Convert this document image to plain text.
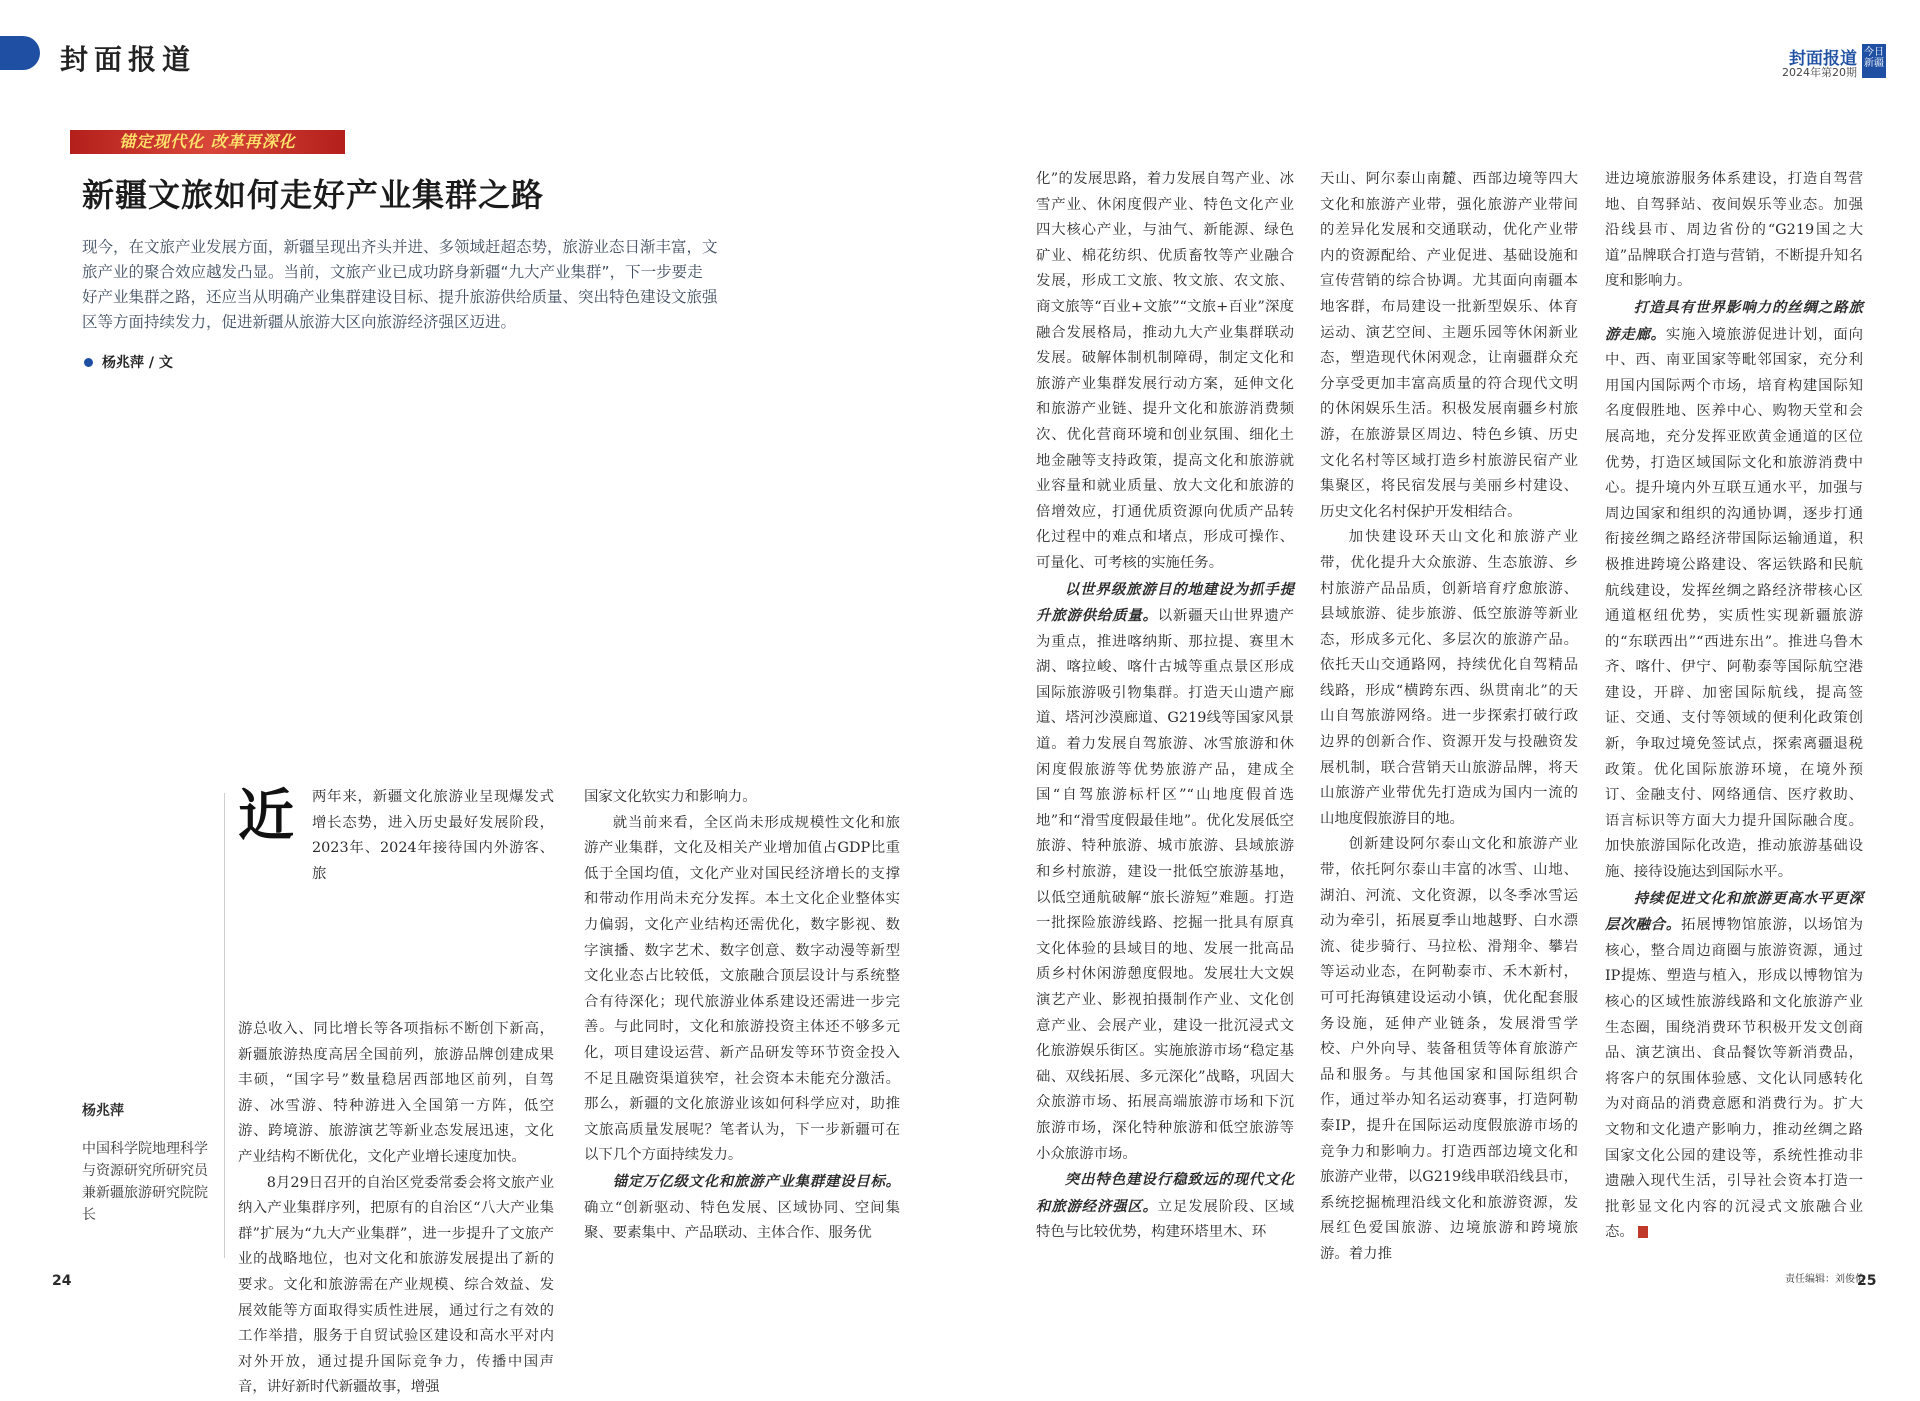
封面报道	封面报道
2024年第20期
今日新疆
锚定现代化 改革再深化
新疆文旅如何走好产业集群之路
现今，在文旅产业发展方面，新疆呈现出齐头并进、多领域赶超态势，旅游业态日渐丰富，文旅产业的聚合效应越发凸显。当前，文旅产业已成功跻身新疆“九大产业集群”，下一步要走好产业集群之路，还应当从明确产业集群建设目标、提升旅游供给质量、突出特色建设文旅强区等方面持续发力，促进新疆从旅游大区向旅游经济强区迈进。
杨兆萍 / 文
杨兆萍
中国科学院地理科学与资源研究所研究员兼新疆旅游研究院院长
近 两年来，新疆文化旅游业呈现爆发式增长态势，进入历史最好发展阶段，2023年、2024年接待国内外游客、旅

游总收入、同比增长等各项指标不断创下新高，新疆旅游热度高居全国前列，旅游品牌创建成果丰硕，“国字号”数量稳居西部地区前列，自驾游、冰雪游、特种游进入全国第一方阵，低空游、跨境游、旅游演艺等新业态发展迅速，文化产业结构不断优化，文化产业增长速度加快。

8月29日召开的自治区党委常委会将文旅产业纳入产业集群序列，把原有的自治区“八大产业集群”扩展为“九大产业集群”，进一步提升了文旅产业的战略地位，也对文化和旅游发展提出了新的要求。文化和旅游需在产业规模、综合效益、发展效能等方面取得实质性进展，通过行之有效的工作举措，服务于自贸试验区建设和高水平对内对外开放，通过提升国际竞争力，传播中国声音，讲好新时代新疆故事，增强

国家文化软实力和影响力。

就当前来看，全区尚未形成规模性文化和旅游产业集群，文化及相关产业增加值占GDP比重低于全国均值，文化产业对国民经济增长的支撑和带动作用尚未充分发挥。本土文化企业整体实力偏弱，文化产业结构还需优化，数字影视、数字演播、数字艺术、数字创意、数字动漫等新型文化业态占比较低，文旅融合顶层设计与系统整合有待深化；现代旅游业体系建设还需进一步完善。与此同时，文化和旅游投资主体还不够多元化，项目建设运营、新产品研发等环节资金投入不足且融资渠道狭窄，社会资本未能充分激活。那么，新疆的文化旅游业该如何科学应对，助推文旅高质量发展呢？笔者认为，下一步新疆可在以下几个方面持续发力。

锚定万亿级文化和旅游产业集群建设目标。确立“创新驱动、特色发展、区域协同、空间集聚、要素集中、产品联动、主体合作、服务优

化”的发展思路，着力发展自驾产业、冰雪产业、休闲度假产业、特色文化产业四大核心产业，与油气、新能源、绿色矿业、棉花纺织、优质畜牧等产业融合发展，形成工文旅、牧文旅、农文旅、商文旅等“百业+文旅”“文旅+百业”深度融合发展格局，推动九大产业集群联动发展。破解体制机制障碍，制定文化和旅游产业集群发展行动方案，延伸文化和旅游产业链、提升文化和旅游消费频次、优化营商环境和创业氛围、细化土地金融等支持政策，提高文化和旅游就业容量和就业质量、放大文化和旅游的倍增效应，打通优质资源向优质产品转化过程中的难点和堵点，形成可操作、可量化、可考核的实施任务。

以世界级旅游目的地建设为抓手提升旅游供给质量。以新疆天山世界遗产为重点，推进喀纳斯、那拉提、赛里木湖、喀拉峻、喀什古城等重点景区形成国际旅游吸引物集群。打造天山遗产廊道、塔河沙漠廊道、G219线等国家风景道。着力发展自驾旅游、冰雪旅游和休闲度假旅游等优势旅游产品，建成全国“自驾旅游标杆区”“山地度假首选地”和“滑雪度假最佳地”。优化发展低空旅游、特种旅游、城市旅游、县域旅游和乡村旅游，建设一批低空旅游基地，以低空通航破解“旅长游短”难题。打造一批探险旅游线路、挖掘一批具有原真文化体验的县域目的地、发展一批高品质乡村休闲游憩度假地。发展壮大文娱演艺产业、影视拍摄制作产业、文化创意产业、会展产业，建设一批沉浸式文化旅游娱乐街区。实施旅游市场“稳定基础、双线拓展、多元深化”战略，巩固大众旅游市场、拓展高端旅游市场和下沉旅游市场，深化特种旅游和低空旅游等小众旅游市场。

突出特色建设行稳致远的现代文化和旅游经济强区。立足发展阶段、区域特色与比较优势，构建环塔里木、环

天山、阿尔泰山南麓、西部边境等四大文化和旅游产业带，强化旅游产业带间的差异化发展和交通联动，优化产业带内的资源配给、产业促进、基础设施和宣传营销的综合协调。尤其面向南疆本地客群，布局建设一批新型娱乐、体育运动、演艺空间、主题乐园等休闲新业态，塑造现代休闲观念，让南疆群众充分享受更加丰富高质量的符合现代文明的休闲娱乐生活。积极发展南疆乡村旅游，在旅游景区周边、特色乡镇、历史文化名村等区域打造乡村旅游民宿产业集聚区，将民宿发展与美丽乡村建设、历史文化名村保护开发相结合。

加快建设环天山文化和旅游产业带，优化提升大众旅游、生态旅游、乡村旅游产品品质，创新培育疗愈旅游、县域旅游、徒步旅游、低空旅游等新业态，形成多元化、多层次的旅游产品。依托天山交通路网，持续优化自驾精品线路，形成“横跨东西、纵贯南北”的天山自驾旅游网络。进一步探索打破行政边界的创新合作、资源开发与投融资发展机制，联合营销天山旅游品牌，将天山旅游产业带优先打造成为国内一流的山地度假旅游目的地。

创新建设阿尔泰山文化和旅游产业带，依托阿尔泰山丰富的冰雪、山地、湖泊、河流、文化资源，以冬季冰雪运动为牵引，拓展夏季山地越野、白水漂流、徒步骑行、马拉松、滑翔伞、攀岩等运动业态，在阿勒泰市、禾木新村，可可托海镇建设运动小镇，优化配套服务设施，延伸产业链条，发展滑雪学校、户外向导、装备租赁等体育旅游产品和服务。与其他国家和国际组织合作，通过举办知名运动赛事，打造阿勒泰IP，提升在国际运动度假旅游市场的竞争力和影响力。打造西部边境文化和旅游产业带，以G219线串联沿线县市，系统挖掘梳理沿线文化和旅游资源，发展红色爱国旅游、边境旅游和跨境旅游。着力推

进边境旅游服务体系建设，打造自驾营地、自驾驿站、夜间娱乐等业态。加强沿线县市、周边省份的“G219国之大道”品牌联合打造与营销，不断提升知名度和影响力。

打造具有世界影响力的丝绸之路旅游走廊。实施入境旅游促进计划，面向中、西、南亚国家等毗邻国家，充分利用国内国际两个市场，培育构建国际知名度假胜地、医养中心、购物天堂和会展高地，充分发挥亚欧黄金通道的区位优势，打造区域国际文化和旅游消费中心。提升境内外互联互通水平，加强与周边国家和组织的沟通协调，逐步打通衔接丝绸之路经济带国际运输通道，积极推进跨境公路建设、客运铁路和民航航线建设，发挥丝绸之路经济带核心区通道枢纽优势，实质性实现新疆旅游的“东联西出”“西进东出”。推进乌鲁木齐、喀什、伊宁、阿勒泰等国际航空港建设，开辟、加密国际航线，提高签证、交通、支付等领域的便利化政策创新，争取过境免签试点，探索离疆退税政策。优化国际旅游环境，在境外预订、金融支付、网络通信、医疗救助、语言标识等方面大力提升国际融合度。加快旅游国际化改造，推动旅游基础设施、接待设施达到国际水平。

持续促进文化和旅游更高水平更深层次融合。拓展博物馆旅游，以场馆为核心，整合周边商圈与旅游资源，通过IP提炼、塑造与植入，形成以博物馆为核心的区域性旅游线路和文化旅游产业生态圈，围绕消费环节积极开发文创商品、演艺演出、食品餐饮等新消费品，将客户的氛围体验感、文化认同感转化为对商品的消费意愿和消费行为。扩大文物和文化遗产影响力，推动丝绸之路国家文化公园的建设等，系统性推动非遗融入现代生活，引导社会资本打造一批彰显文化内容的沉浸式文旅融合业态。

责任编辑：刘俊佑
24	25
